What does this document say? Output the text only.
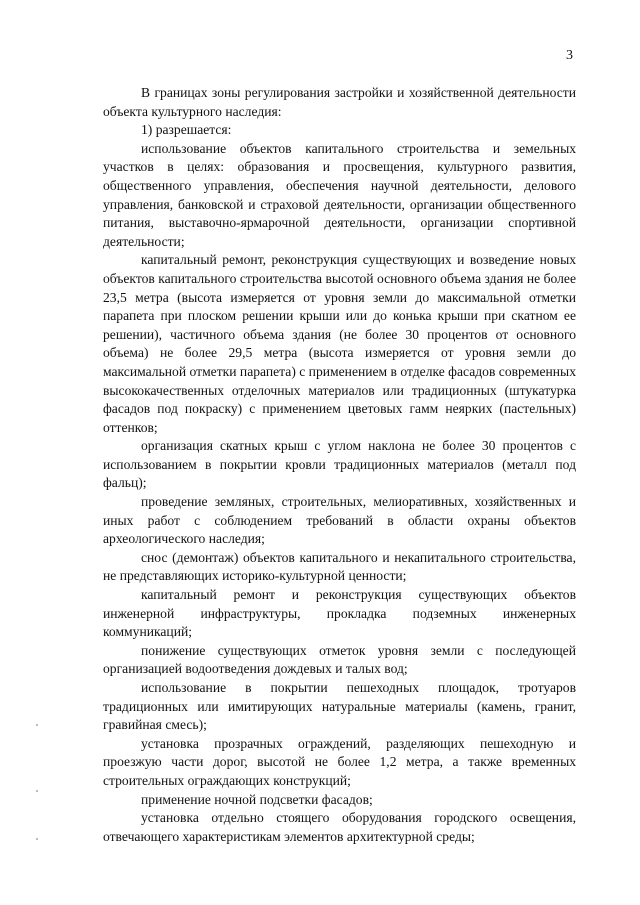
3

В границах зоны регулирования застройки и хозяйственной деятельности объекта культурного наследия:

1) разрешается:

использование объектов капитального строительства и земельных участков в целях: образования и просвещения, культурного развития, общественного управления, обеспечения научной деятельности, делового управления, банковской и страховой деятельности, организации общественного питания, выставочно-ярмарочной деятельности, организации спортивной деятельности;

капитальный ремонт, реконструкция существующих и возведение новых объектов капитального строительства высотой основного объема здания не более 23,5 метра (высота измеряется от уровня земли до максимальной отметки парапета при плоском решении крыши или до конька крыши при скатном ее решении), частичного объема здания (не более 30 процентов от основного объема) не более 29,5 метра (высота измеряется от уровня земли до максимальной отметки парапета) с применением в отделке фасадов современных высококачественных отделочных материалов или традиционных (штукатурка фасадов под покраску) с применением цветовых гамм неярких (пастельных) оттенков;

организация скатных крыш с углом наклона не более 30 процентов с использованием в покрытии кровли традиционных материалов (металл под фальц);

проведение земляных, строительных, мелиоративных, хозяйственных и иных работ с соблюдением требований в области охраны объектов археологического наследия;

снос (демонтаж) объектов капитального и некапитального строительства, не представляющих историко-культурной ценности;

капитальный ремонт и реконструкция существующих объектов инженерной инфраструктуры, прокладка подземных инженерных коммуникаций;

понижение существующих отметок уровня земли с последующей организацией водоотведения дождевых и талых вод;

использование в покрытии пешеходных площадок, тротуаров традиционных или имитирующих натуральные материалы (камень, гранит, гравийная смесь);

установка прозрачных ограждений, разделяющих пешеходную и проезжую части дорог, высотой не более 1,2 метра, а также временных строительных ограждающих конструкций;

применение ночной подсветки фасадов;

установка отдельно стоящего оборудования городского освещения, отвечающего характеристикам элементов архитектурной среды;
